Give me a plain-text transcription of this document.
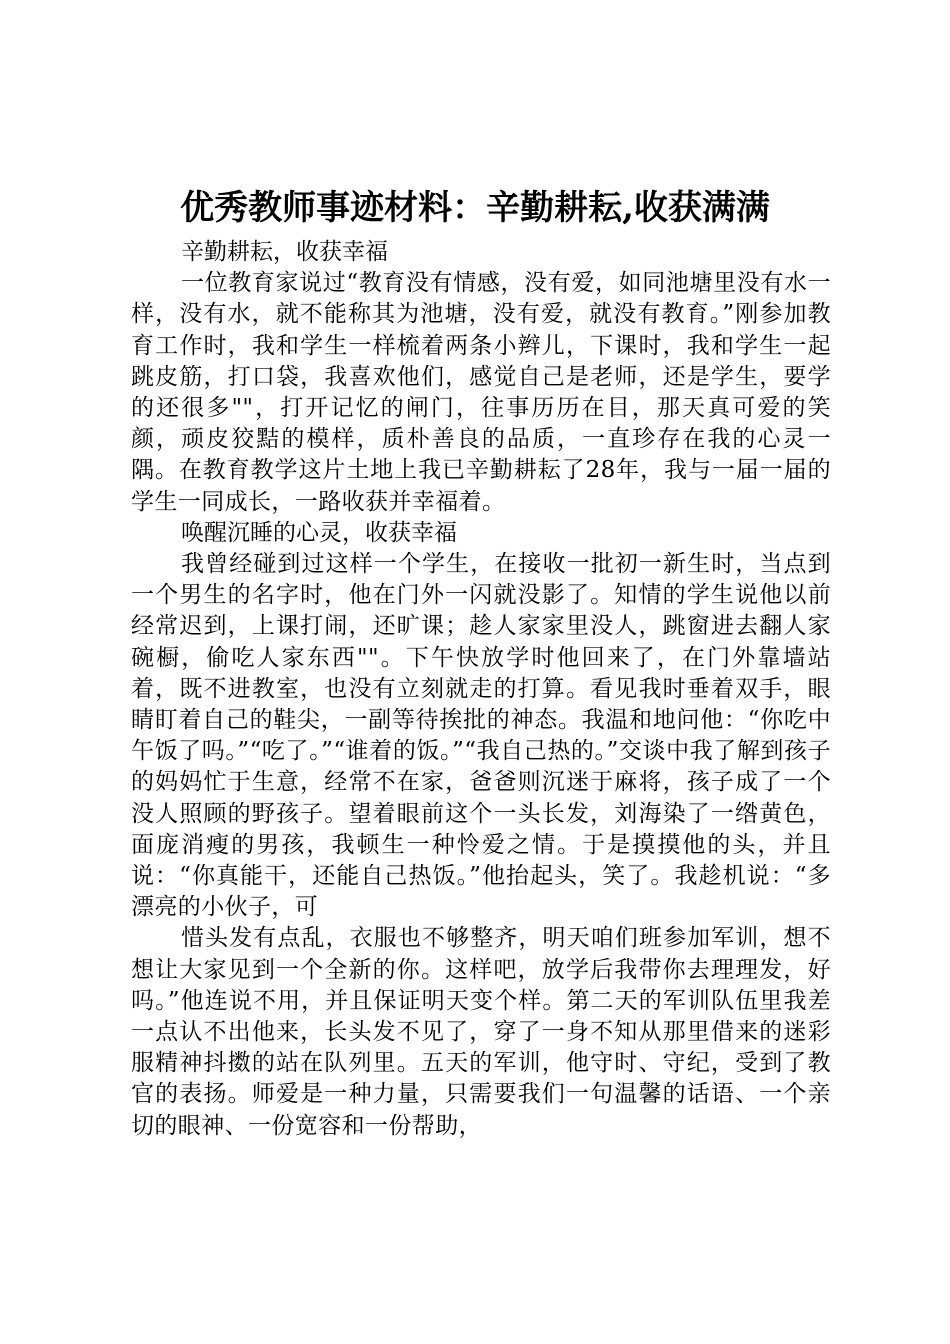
优秀教师事迹材料：辛勤耕耘,收获满满

辛勤耕耘，收获幸福

一位教育家说过“教育没有情感，没有爱，如同池塘里没有水一样，没有水，就不能称其为池塘，没有爱，就没有教育。”刚参加教育工作时，我和学生一样梳着两条小辫儿，下课时，我和学生一起跳皮筋，打口袋，我喜欢他们，感觉自己是老师，还是学生，要学的还很多""，打开记忆的闸门，往事历历在目，那天真可爱的笑颜，顽皮狡黠的模样，质朴善良的品质，一直珍存在我的心灵一隅。在教育教学这片土地上我已辛勤耕耘了28年，我与一届一届的学生一同成长，一路收获并幸福着。

唤醒沉睡的心灵，收获幸福

我曾经碰到过这样一个学生，在接收一批初一新生时，当点到一个男生的名字时，他在门外一闪就没影了。知情的学生说他以前经常迟到，上课打闹，还旷课；趁人家家里没人，跳窗进去翻人家碗橱，偷吃人家东西""。下午快放学时他回来了，在门外靠墙站着，既不进教室，也没有立刻就走的打算。看见我时垂着双手，眼睛盯着自己的鞋尖，一副等待挨批的神态。我温和地问他：“你吃中午饭了吗。”“吃了。”“谁着的饭。”“我自己热的。”交谈中我了解到孩子的妈妈忙于生意，经常不在家，爸爸则沉迷于麻将，孩子成了一个没人照顾的野孩子。望着眼前这个一头长发，刘海染了一绺黄色，面庞消瘦的男孩，我顿生一种怜爱之情。于是摸摸他的头，并且说：“你真能干，还能自己热饭。”他抬起头，笑了。我趁机说：“多漂亮的小伙子，可

惜头发有点乱，衣服也不够整齐，明天咱们班参加军训，想不想让大家见到一个全新的你。这样吧，放学后我带你去理理发，好吗。”他连说不用，并且保证明天变个样。第二天的军训队伍里我差一点认不出他来，长头发不见了，穿了一身不知从那里借来的迷彩服精神抖擞的站在队列里。五天的军训，他守时、守纪，受到了教官的表扬。师爱是一种力量，只需要我们一句温馨的话语、一个亲切的眼神、一份宽容和一份帮助，
